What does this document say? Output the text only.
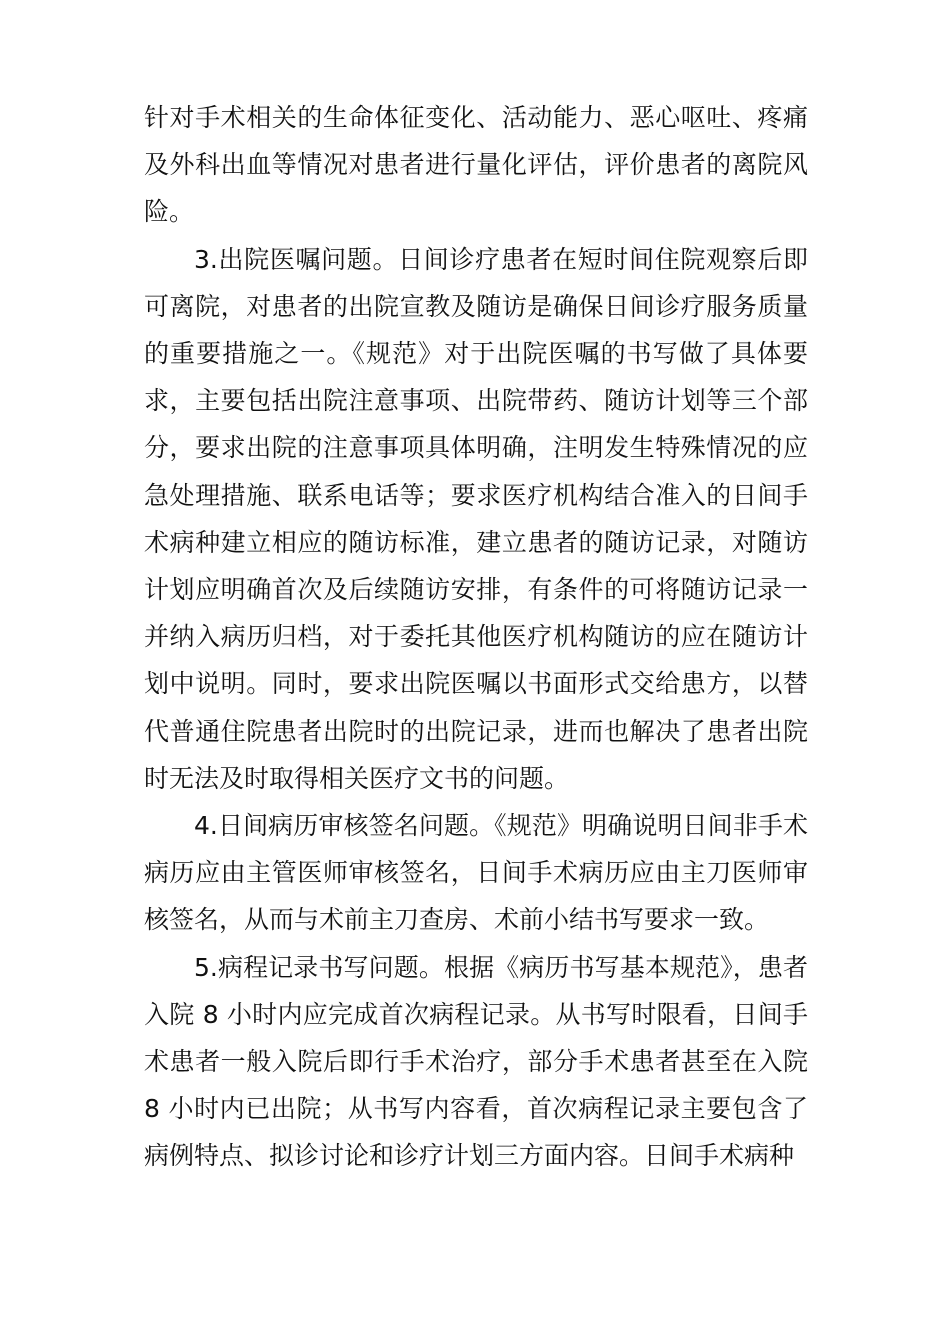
针对手术相关的生命体征变化、活动能力、恶心呕吐、疼痛及外科出血等情况对患者进行量化评估，评价患者的离院风险。

3.出院医嘱问题。日间诊疗患者在短时间住院观察后即可离院，对患者的出院宣教及随访是确保日间诊疗服务质量的重要措施之一。《规范》对于出院医嘱的书写做了具体要求，主要包括出院注意事项、出院带药、随访计划等三个部分，要求出院的注意事项具体明确，注明发生特殊情况的应急处理措施、联系电话等；要求医疗机构结合准入的日间手术病种建立相应的随访标准，建立患者的随访记录，对随访计划应明确首次及后续随访安排，有条件的可将随访记录一并纳入病历归档，对于委托其他医疗机构随访的应在随访计划中说明。同时，要求出院医嘱以书面形式交给患方，以替代普通住院患者出院时的出院记录，进而也解决了患者出院时无法及时取得相关医疗文书的问题。

4.日间病历审核签名问题。《规范》明确说明日间非手术病历应由主管医师审核签名，日间手术病历应由主刀医师审核签名，从而与术前主刀查房、术前小结书写要求一致。

5.病程记录书写问题。根据《病历书写基本规范》，患者入院 8 小时内应完成首次病程记录。从书写时限看，日间手术患者一般入院后即行手术治疗，部分手术患者甚至在入院 8 小时内已出院；从书写内容看，首次病程记录主要包含了病例特点、拟诊讨论和诊疗计划三方面内容。日间手术病种
